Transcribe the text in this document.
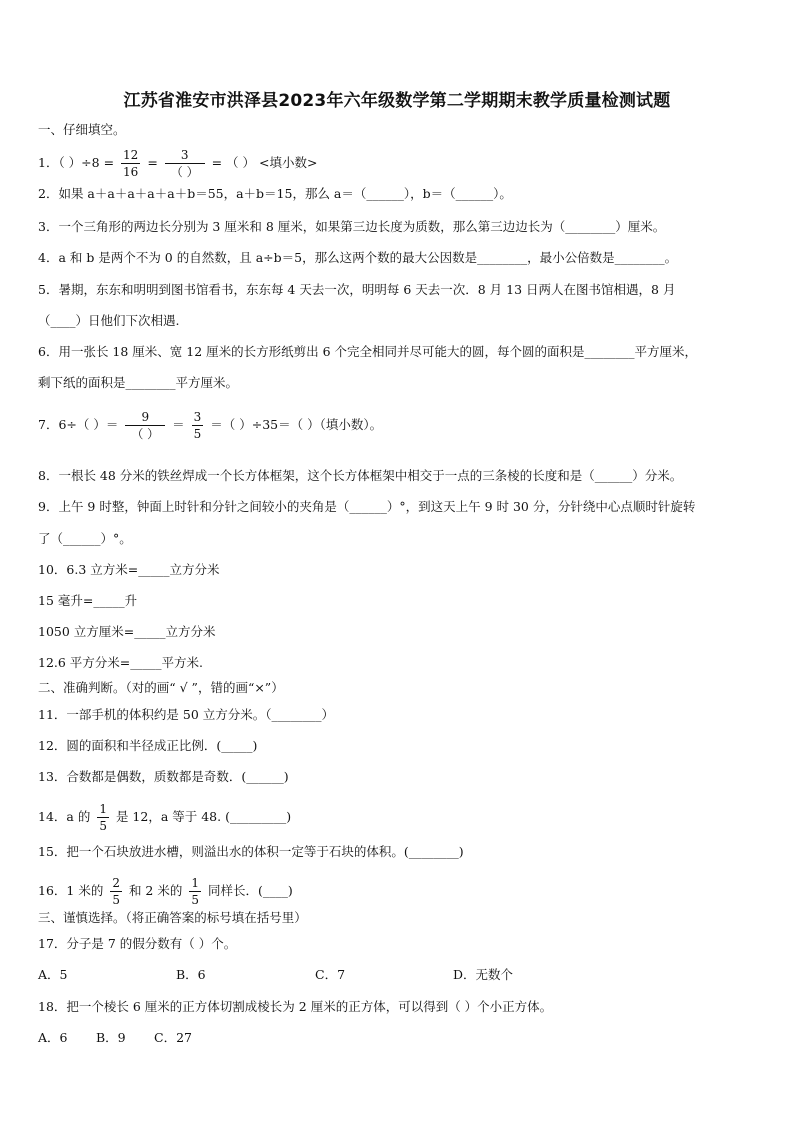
江苏省淮安市洪泽县2023年六年级数学第二学期期末教学质量检测试题
一、仔细填空。
1．（ ）$\div 8 = \frac{12}{16} = \frac{3}{( )}$ = （ ） <填小数>
2．如果 a＋a＋a＋a＋a＋b＝55，a＋b＝15，那么 a＝（______），b＝（______）。
3．一个三角形的两边长分别为 3 厘米和 8 厘米，如果第三边长度为质数，那么第三边边长为（________）厘米。
4．a 和 b 是两个不为 0 的自然数，且 a÷b＝5，那么这两个数的最大公因数是________，最小公倍数是________。
5．暑期，东东和明明到图书馆看书，东东每 4 天去一次，明明每 6 天去一次．8 月 13 日两人在图书馆相遇，8 月
（____）日他们下次相遇.
6．用一张长 18 厘米、宽 12 厘米的长方形纸剪出 6 个完全相同并尽可能大的圆，每个圆的面积是________平方厘米，
剩下纸的面积是________平方厘米。
7．6÷（ ）＝ $\frac{9}{( )} = \frac{3}{5}$ ＝（ ）÷35＝（ ）（填小数）。
8．一根长 48 分米的铁丝焊成一个长方体框架，这个长方体框架中相交于一点的三条棱的长度和是（______）分米。
9．上午 9 时整，钟面上时针和分针之间较小的夹角是（______）°，到这天上午 9 时 30 分，分针绕中心点顺时针旋转
了（______）°。
10．6.3 立方米=_____立方分米
15 毫升=_____升
1050 立方厘米=_____立方分米
12.6 平方分米=_____平方米.
二、准确判断。（对的画“ √ ”，错的画“×”）
11．一部手机的体积约是 50 立方分米。（________）
12．圆的面积和半径成正比例．(_____)
13．合数都是偶数，质数都是奇数．(______)
14．a 的 $\frac{1}{5}$ 是 12，a 等于 48. (_________)
15．把一个石块放进水槽，则溢出水的体积一定等于石块的体积。(________)
16．1 米的 $\frac{2}{5}$ 和 2 米的 $\frac{1}{5}$ 同样长．(____)
三、谨慎选择。（将正确答案的标号填在括号里）
17．分子是 7 的假分数有（ ）个。
A．5	B．6	C．7	D．无数个
18．把一个棱长 6 厘米的正方体切割成棱长为 2 厘米的正方体，可以得到（ ）个小正方体。
A．6 B．9 C．27
